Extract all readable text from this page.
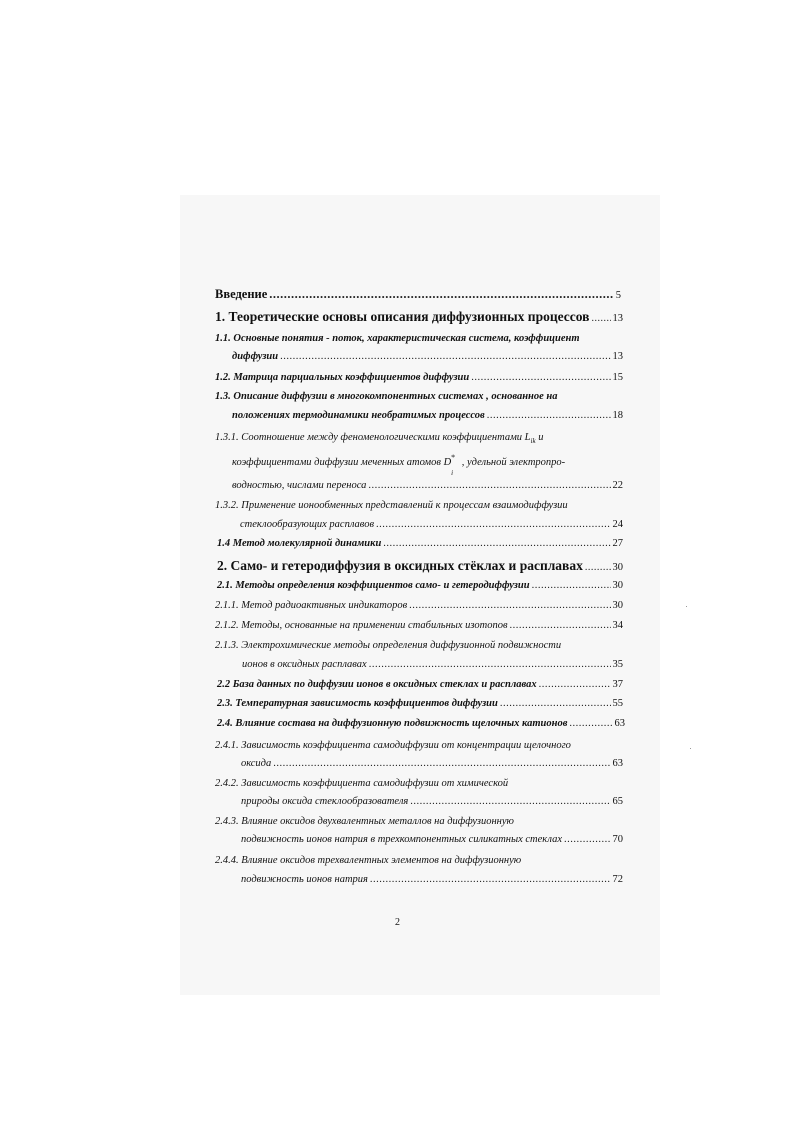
Введение .....	5
1. Теоретические основы описания диффузионных процессов ..... 13
1.1. Основные понятия - поток, характеристическая система, коэффициент
диффузии .....	13
1.2. Матрица парциальных коэффициентов диффузии .....	15
1.3. Описание диффузии в многокомпонентных системах , основанное на
положениях термодинамики необратимых процессов .....	18
1.3.1. Соотношение между феноменологическими коэффициентами $L_{ik}$ и
коэффициентами диффузии меченных атомов D *
i
, удельной электропро-
водностью, числами переноса .....	22
1.3.2. Применение ионообменных представлений к процессам взаимодиффузии
стеклообразующих расплавов .....	24
1.4 Метод молекулярной динамики .....	27
2. Само- и гетеродиффузия в оксидных стёклах и расплавах .....	30
2.1. Методы определения коэффициентов само- и гетеродиффузии .....	30
2.1.1. Метод радиоактивных индикаторов .....	30
2.1.2. Методы, основанные на применении стабильных изотопов .....	34
2.1.3. Электрохимические методы определения диффузионной подвижности
ионов в оксидных расплавах .....	35
2.2 База данных по диффузии ионов в оксидных стеклах и расплавах .....	37
2.3. Температурная зависимость коэффициентов диффузии .....	55
2.4. Влияние состава на диффузионную подвижность щелочных катионов .....	63
2.4.1. Зависимость коэффициента самодиффузии от концентрации щелочного
оксида .....	63
2.4.2. Зависимость коэффициента самодиффузии от химической
природы оксида стеклообразователя .....	65
2.4.3. Влияние оксидов двухвалентных металлов на диффузионную
подвижность ионов натрия в трехкомпонентных силикатных стеклах .....	70
2.4.4. Влияние оксидов трехвалентных элементов на диффузионную
подвижность ионов натрия .....	72
2
